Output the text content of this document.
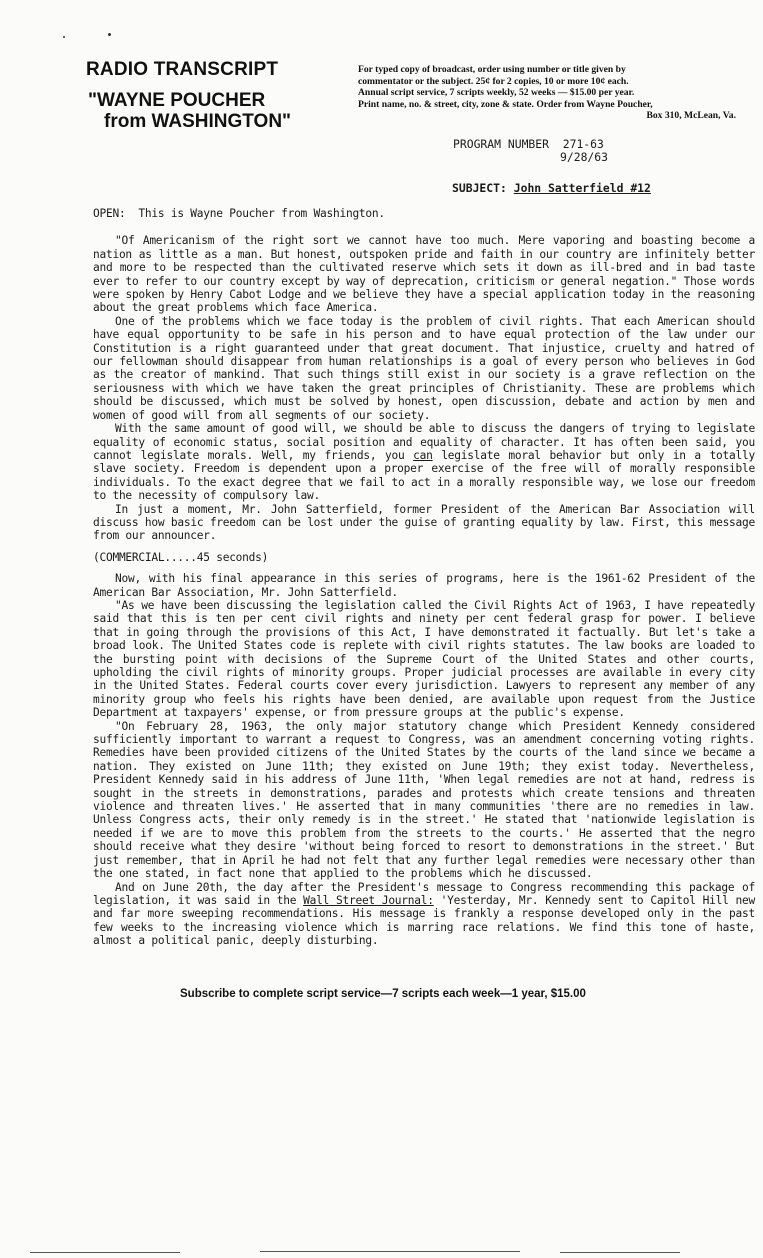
RADIO TRANSCRIPT
"WAYNE POUCHER
from WASHINGTON"
For typed copy of broadcast, order using number or title given by
commentator or the subject. 25¢ for 2 copies, 10 or more 10¢ each.
Annual script service, 7 scripts weekly, 52 weeks — $15.00 per year.
Print name, no. & street, city, zone & state. Order from Wayne Poucher,
Box 310, McLean, Va.
PROGRAM NUMBER 271-63
9/28/63
SUBJECT: John Satterfield #12

OPEN: This is Wayne Poucher from Washington.

"Of Americanism of the right sort we cannot have too much. Mere vaporing and boasting become a nation as little as a man. But honest, outspoken pride and faith in our country are infinitely better and more to be respected than the cultivated reserve which sets it down as ill-bred and in bad taste ever to refer to our country except by way of deprecation, criticism or general negation." Those words were spoken by Henry Cabot Lodge and we believe they have a special application today in the reasoning about the great problems which face America.

One of the problems which we face today is the problem of civil rights. That each American should have equal opportunity to be safe in his person and to have equal protection of the law under our Constitution is a right guaranteed under that great document. That injustice, cruelty and hatred of our fellowman should disappear from human relationships is a goal of every person who believes in God as the creator of mankind. That such things still exist in our society is a grave reflection on the seriousness with which we have taken the great principles of Christianity. These are problems which should be discussed, which must be solved by honest, open discussion, debate and action by men and women of good will from all segments of our society.

With the same amount of good will, we should be able to discuss the dangers of trying to legislate equality of economic status, social position and equality of character. It has often been said, you cannot legislate morals. Well, my friends, you can legislate moral behavior but only in a totally slave society. Freedom is dependent upon a proper exercise of the free will of morally responsible individuals. To the exact degree that we fail to act in a morally responsible way, we lose our freedom to the necessity of compulsory law.

In just a moment, Mr. John Satterfield, former President of the American Bar Association will discuss how basic freedom can be lost under the guise of granting equality by law. First, this message from our announcer.

(COMMERCIAL.....45 seconds)

Now, with his final appearance in this series of programs, here is the 1961-62 President of the American Bar Association, Mr. John Satterfield.

"As we have been discussing the legislation called the Civil Rights Act of 1963, I have repeatedly said that this is ten per cent civil rights and ninety per cent federal grasp for power. I believe that in going through the provisions of this Act, I have demonstrated it factually. But let's take a broad look. The United States code is replete with civil rights statutes. The law books are loaded to the bursting point with decisions of the Supreme Court of the United States and other courts, upholding the civil rights of minority groups. Proper judicial processes are available in every city in the United States. Federal courts cover every jurisdiction. Lawyers to represent any member of any minority group who feels his rights have been denied, are available upon request from the Justice Department at taxpayers' expense, or from pressure groups at the public's expense.

"On February 28, 1963, the only major statutory change which President Kennedy considered sufficiently important to warrant a request to Congress, was an amendment concerning voting rights. Remedies have been provided citizens of the United States by the courts of the land since we became a nation. They existed on June 11th; they existed on June 19th; they exist today. Nevertheless, President Kennedy said in his address of June 11th, 'When legal remedies are not at hand, redress is sought in the streets in demonstrations, parades and protests which create tensions and threaten violence and threaten lives.' He asserted that in many communities 'there are no remedies in law. Unless Congress acts, their only remedy is in the street.' He stated that 'nationwide legislation is needed if we are to move this problem from the streets to the courts.' He asserted that the negro should receive what they desire 'without being forced to resort to demonstrations in the street.' But just remember, that in April he had not felt that any further legal remedies were necessary other than the one stated, in fact none that applied to the problems which he discussed.

And on June 20th, the day after the President's message to Congress recommending this package of legislation, it was said in the Wall Street Journal: 'Yesterday, Mr. Kennedy sent to Capitol Hill new and far more sweeping recommendations. His message is frankly a response developed only in the past few weeks to the increasing violence which is marring race relations. We find this tone of haste, almost a political panic, deeply disturbing.

Subscribe to complete script service—7 scripts each week—1 year, $15.00
